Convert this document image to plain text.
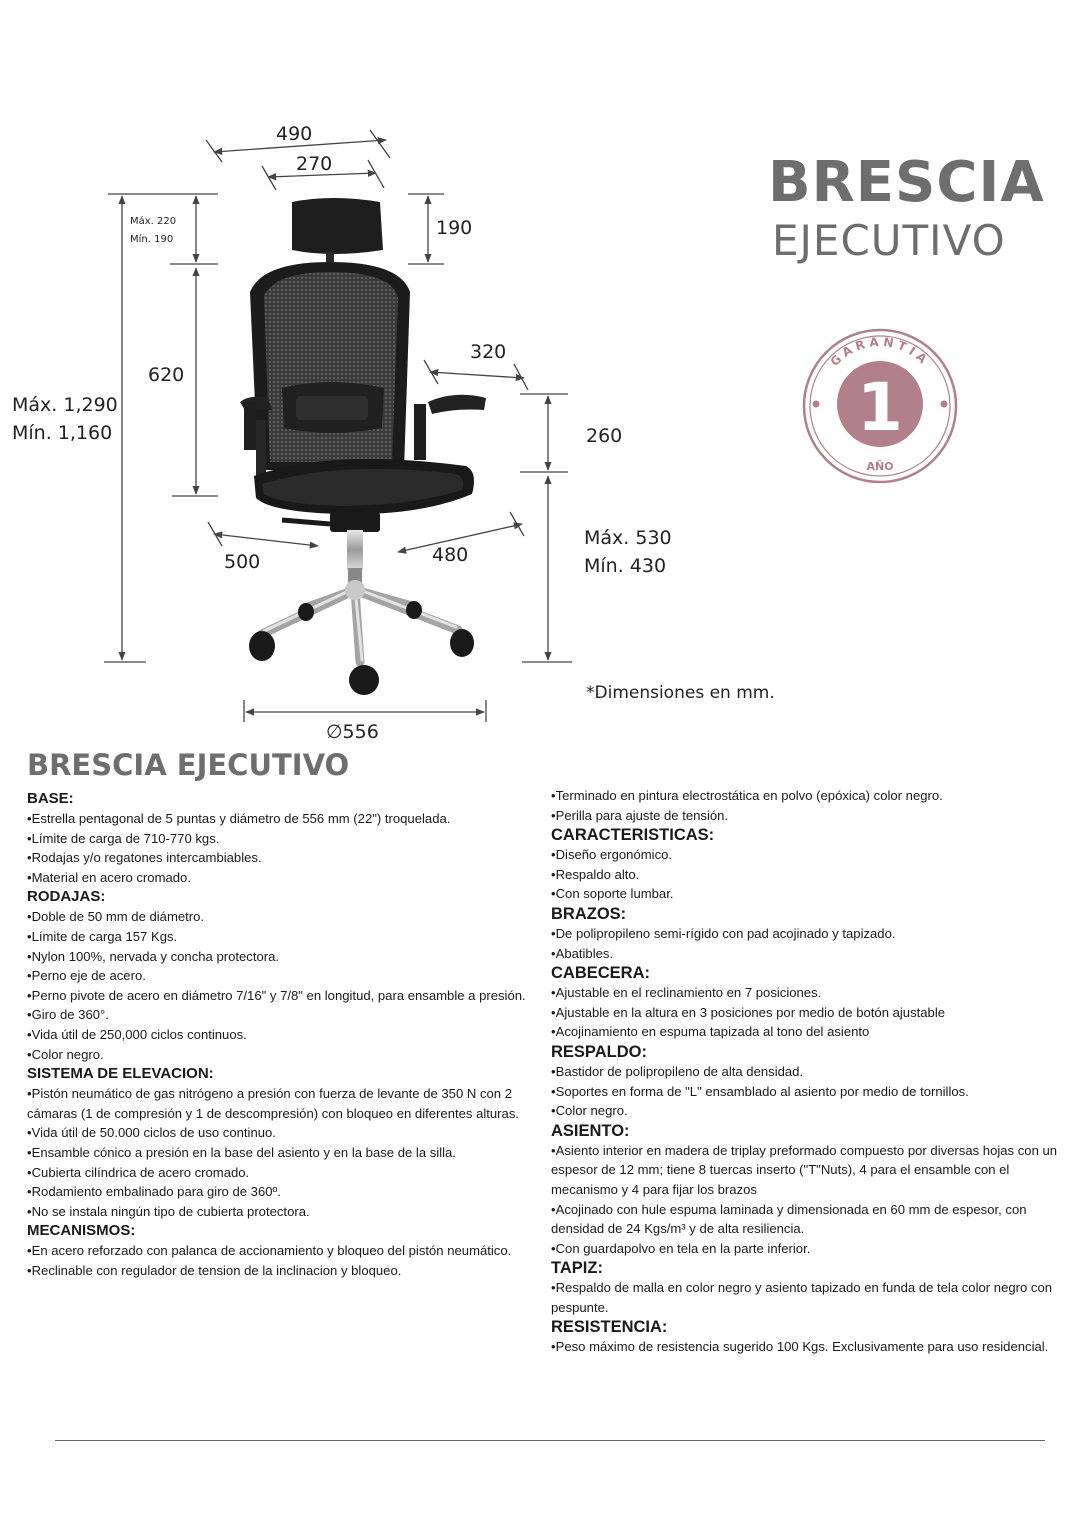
490
270
190
Máx. 220
Mín. 190
620
Máx. 1,290
Mín. 1,160
320
260
500	480
Máx. 530
Mín. 430
∅556
GARANTÍA
1
AÑO
BRESCIA
EJECUTIVO
*Dimensiones en mm.
BRESCIA EJECUTIVO
BASE:
•Estrella pentagonal de 5 puntas y diámetro de 556 mm (22") troquelada.
•Límite de carga de 710-770 kgs.
•Rodajas y/o regatones intercambiables.
•Material en acero cromado.
RODAJAS:
•Doble de 50 mm de diámetro.
•Límite de carga 157 Kgs.
•Nylon 100%, nervada y concha protectora.
•Perno eje de acero.
•Perno pivote de acero en diámetro 7/16" y 7/8" en longitud, para ensamble a presión.
•Giro de 360°.
•Vida útil de 250,000 ciclos continuos.
•Color negro.
SISTEMA DE ELEVACION:
•Pistón neumático de gas nitrógeno a presión con fuerza de levante de 350 N con 2 cámaras (1 de compresión y 1 de descompresión) con bloqueo en diferentes alturas.
•Vida útil de 50.000 ciclos de uso continuo.
•Ensamble cónico a presión en la base del asiento y en la base de la silla.
•Cubierta cilíndrica de acero cromado.
•Rodamiento embalinado para giro de 360º.
•No se instala ningún tipo de cubierta protectora.
MECANISMOS:
•En acero reforzado con palanca de accionamiento y bloqueo del pistón neumático.
•Reclinable con regulador de tension de la inclinacion y bloqueo.
•Terminado en pintura electrostática en polvo (epóxica) color negro.
•Perilla para ajuste de tensión.
CARACTERISTICAS:
•Diseño ergonómico.
•Respaldo alto.
•Con soporte lumbar.
BRAZOS:
•De polipropileno semi-rígido con pad acojinado y tapizado.
•Abatibles.
CABECERA:
•Ajustable en el reclinamiento en 7 posiciones.
•Ajustable en la altura en 3 posiciones por medio de botón ajustable
•Acojinamiento en espuma tapizada al tono del asiento
RESPALDO:
•Bastidor de polipropileno de alta densidad.
•Soportes en forma de "L" ensamblado al asiento por medio de tornillos.
•Color negro.
ASIENTO:
•Asiento interior en madera de triplay preformado compuesto por diversas hojas con un espesor de 12 mm; tiene 8 tuercas inserto ("T"Nuts), 4 para el ensamble con el mecanismo y 4 para fijar los brazos
•Acojinado con hule espuma laminada y dimensionada en 60 mm de espesor, con densidad de 24 Kgs/m³ y de alta resiliencia.
•Con guardapolvo en tela en la parte inferior.
TAPIZ:
•Respaldo de malla en color negro y asiento tapizado en funda de tela color negro con pespunte.
RESISTENCIA:
•Peso máximo de resistencia sugerido 100 Kgs. Exclusivamente para uso residencial.
